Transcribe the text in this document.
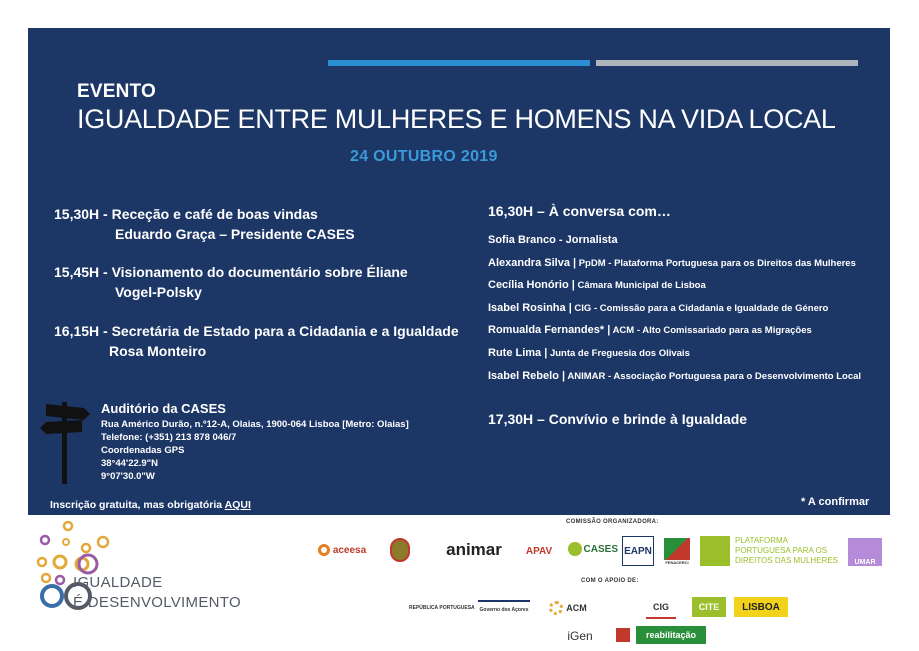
EVENTO
IGUALDADE ENTRE MULHERES E HOMENS NA VIDA LOCAL
24 OUTUBRO 2019
15,30H - Receção e café de boas vindas
Eduardo Graça – Presidente CASES
15,45H - Visionamento do documentário sobre Éliane
Vogel-Polsky
16,15H - Secretária de Estado para a Cidadania e a Igualdade
Rosa Monteiro
16,30H – À conversa com…
Sofia Branco - Jornalista
Alexandra Silva | PpDM - Plataforma Portuguesa para os Direitos das Mulheres
Cecília Honório | Câmara Municipal de Lisboa
Isabel Rosinha | CIG - Comissão para a Cidadania e Igualdade de Género
Romualda Fernandes* | ACM - Alto Comissariado para as Migrações
Rute Lima | Junta de Freguesia dos Olivais
Isabel Rebelo | ANIMAR - Associação Portuguesa para o Desenvolvimento Local
17,30H – Convívio e brinde à Igualdade
Auditório da CASES
Rua Américo Durão, n.º12-A, Olaias, 1900-064 Lisboa [Metro: Olaias]
Telefone: (+351) 213 878 046/7
Coordenadas GPS
38°44'22.9"N
9°07'30.0"W
Inscrição gratuita, mas obrigatória AQUI	* A confirmar
IGUALDADE
É DESENVOLVIMENTO
COMISSÃO ORGANIZADORA:
aceesa	animar APAV	CASES EAPN
FENACERCI
PLATAFORMA PORTUGUESA PARA OS DIREITOS DAS MULHERES UMAR
COM O APOIO DE:
REPÚBLICA PORTUGUESA Governo dos Açores	ACM	CIG	CITE LISBOA
iGen	reabilitação
